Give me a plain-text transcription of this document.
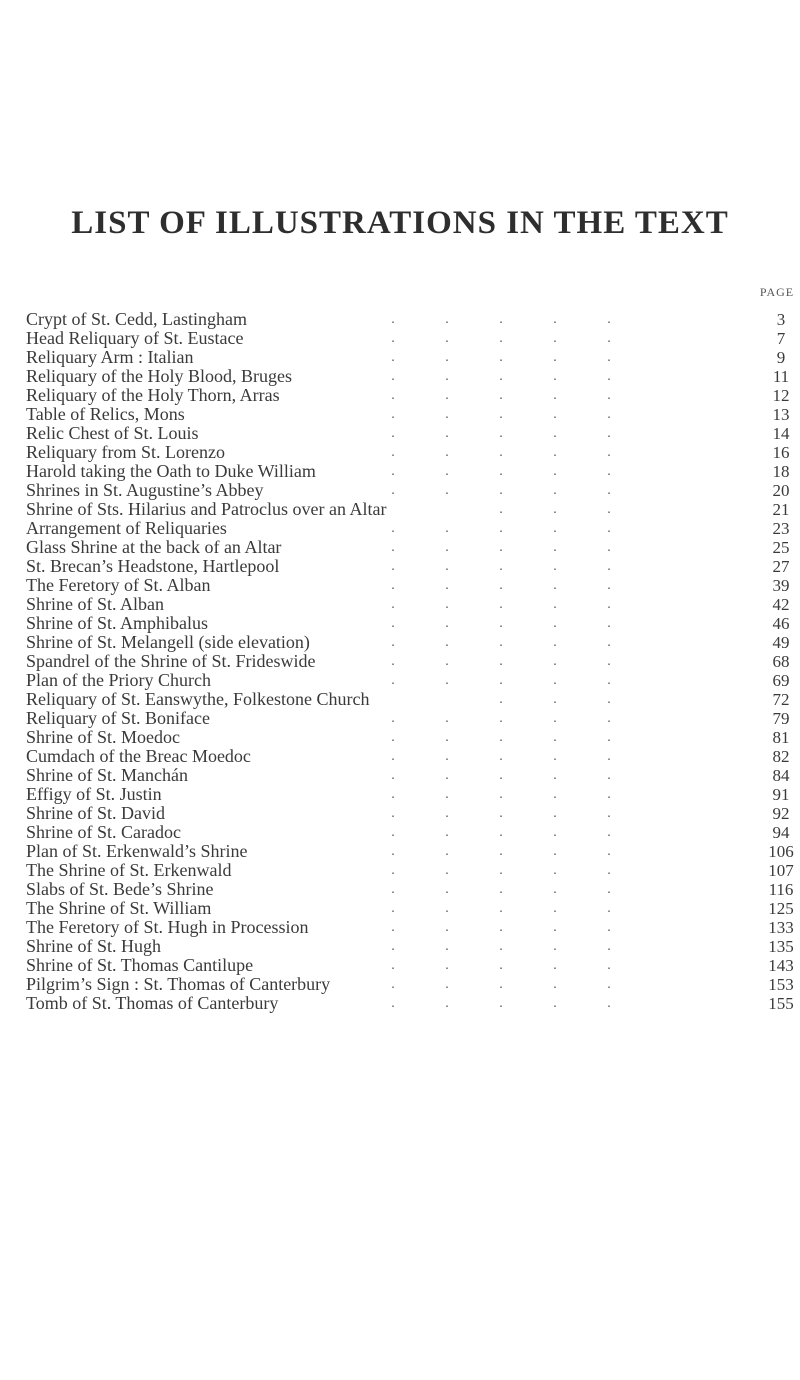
LIST OF ILLUSTRATIONS IN THE TEXT
PAGE
Crypt of St. Cedd, Lastingham	.	.	.	.	.	3
Head Reliquary of St. Eustace	.	.	.	.	.	7
Reliquary Arm : Italian	.	.	.	.	.	9
Reliquary of the Holy Blood, Bruges	.	.	.	.	.	11
Reliquary of the Holy Thorn, Arras	.	.	.	.	.	12
Table of Relics, Mons	.	.	.	.	.	13
Relic Chest of St. Louis	.	.	.	.	.	14
Reliquary from St. Lorenzo	.	.	.	.	.	16
Harold taking the Oath to Duke William	.	.	.	.	.	18
Shrines in St. Augustine’s Abbey	.	.	.	.	.	20
Shrine of Sts. Hilarius and Patroclus over an Altar	.	.	.	21
Arrangement of Reliquaries	.	.	.	.	.	23
Glass Shrine at the back of an Altar	.	.	.	.	.	25
St. Brecan’s Headstone, Hartlepool	.	.	.	.	.	27
The Feretory of St. Alban	.	.	.	.	.	39
Shrine of St. Alban	.	.	.	.	.	42
Shrine of St. Amphibalus	.	.	.	.	.	46
Shrine of St. Melangell (side elevation)	.	.	.	.	.	49
Spandrel of the Shrine of St. Frideswide	.	.	.	.	.	68
Plan of the Priory Church	.	.	.	.	.	69
Reliquary of St. Eanswythe, Folkestone Church	.	.	.	72
Reliquary of St. Boniface	.	.	.	.	.	79
Shrine of St. Moedoc	.	.	.	.	.	81
Cumdach of the Breac Moedoc	.	.	.	.	.	82
Shrine of St. Manchán	.	.	.	.	.	84
Effigy of St. Justin	.	.	.	.	.	91
Shrine of St. David	.	.	.	.	.	92
Shrine of St. Caradoc	.	.	.	.	.	94
Plan of St. Erkenwald’s Shrine	.	.	.	.	.	106
The Shrine of St. Erkenwald	.	.	.	.	.	107
Slabs of St. Bede’s Shrine	.	.	.	.	.	116
The Shrine of St. William	.	.	.	.	.	125
The Feretory of St. Hugh in Procession	.	.	.	.	.	133
Shrine of St. Hugh	.	.	.	.	.	135
Shrine of St. Thomas Cantilupe	.	.	.	.	.	143
Pilgrim’s Sign : St. Thomas of Canterbury	.	.	.	.	.	153
Tomb of St. Thomas of Canterbury	.	.	.	.	.	155
